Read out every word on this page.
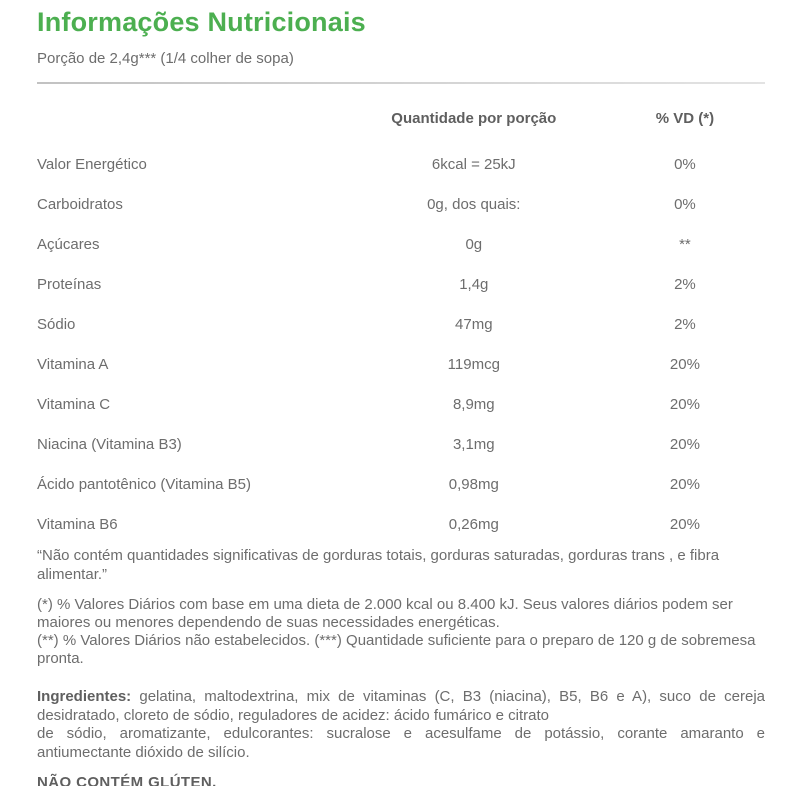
Informações Nutricionais

Porção de 2,4g*** (1/4 colher de sopa)

	Quantidade por porção	% VD (*)
Valor Energético	6kcal = 25kJ	0%
Carboidratos	0g, dos quais:	0%
Açúcares	0g	**
Proteínas	1,4g	2%
Sódio	47mg	2%
Vitamina A	119mcg	20%
Vitamina C	8,9mg	20%
Niacina (Vitamina B3)	3,1mg	20%
Ácido pantotênico (Vitamina B5)	0,98mg	20%
Vitamina B6	0,26mg	20%

“Não contém quantidades significativas de gorduras totais, gorduras saturadas, gorduras trans , e fibra alimentar.”

(*) % Valores Diários com base em uma dieta de 2.000 kcal ou 8.400 kJ. Seus valores diários podem ser maiores ou menores dependendo de suas necessidades energéticas.

(**) % Valores Diários não estabelecidos. (***) Quantidade suficiente para o preparo de 120 g de sobremesa pronta.

Ingredientes: gelatina, maltodextrina, mix de vitaminas (C, B3 (niacina), B5, B6 e A), suco de cereja desidratado, cloreto de sódio, reguladores de acidez: ácido fumárico e citrato
de sódio, aromatizante, edulcorantes: sucralose e acesulfame de potássio, corante amaranto e antiumectante dióxido de silício.

NÃO CONTÉM GLÚTEN.
